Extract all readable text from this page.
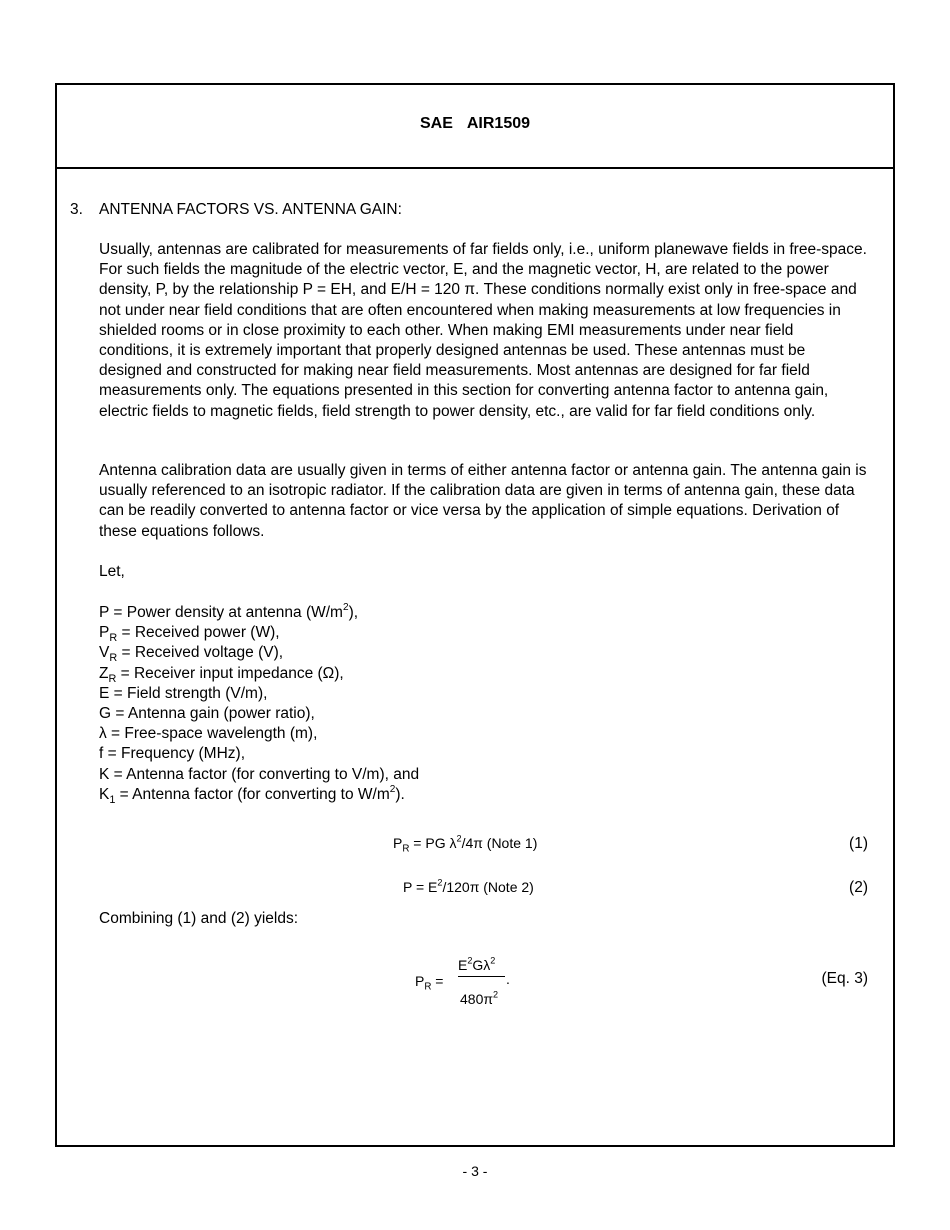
SAE AIR1509
3. ANTENNA FACTORS VS. ANTENNA GAIN:
Usually, antennas are calibrated for measurements of far fields only, i.e., uniform planewave fields in free-space. For such fields the magnitude of the electric vector, E, and the magnetic vector, H, are related to the power density, P, by the relationship P = EH, and E/H = 120 π. These conditions normally exist only in free-space and not under near field conditions that are often encountered when making measurements at low frequencies in shielded rooms or in close proximity to each other. When making EMI measurements under near field conditions, it is extremely important that properly designed antennas be used. These antennas must be designed and constructed for making near field measurements. Most antennas are designed for far field measurements only. The equations presented in this section for converting antenna factor to antenna gain, electric fields to magnetic fields, field strength to power density, etc., are valid for far field conditions only.
Antenna calibration data are usually given in terms of either antenna factor or antenna gain. The antenna gain is usually referenced to an isotropic radiator. If the calibration data are given in terms of antenna gain, these data can be readily converted to antenna factor or vice versa by the application of simple equations. Derivation of these equations follows.
Let,
P = Power density at antenna $(W/m^2)$,
$P_R$ = Received power (W),
$V_R$ = Received voltage (V),
$Z_R$ = Receiver input impedance (Ω),
E = Field strength (V/m),
G = Antenna gain (power ratio),
λ = Free-space wavelength (m),
f = Frequency (MHz),
K = Antenna factor (for converting to V/m), and
$K_1$ = Antenna factor (for converting to $W/m^2$).
$P_R$ = PG $\lambda^2/4\pi$ (Note 1)	(1)
$P = E^2/120\pi$ (Note 2)	(2)
Combining (1) and (2) yields:
$P_R$ =
$E^2G\lambda^2$
$480\pi^2$
.	(Eq. 3)
- 3 -
